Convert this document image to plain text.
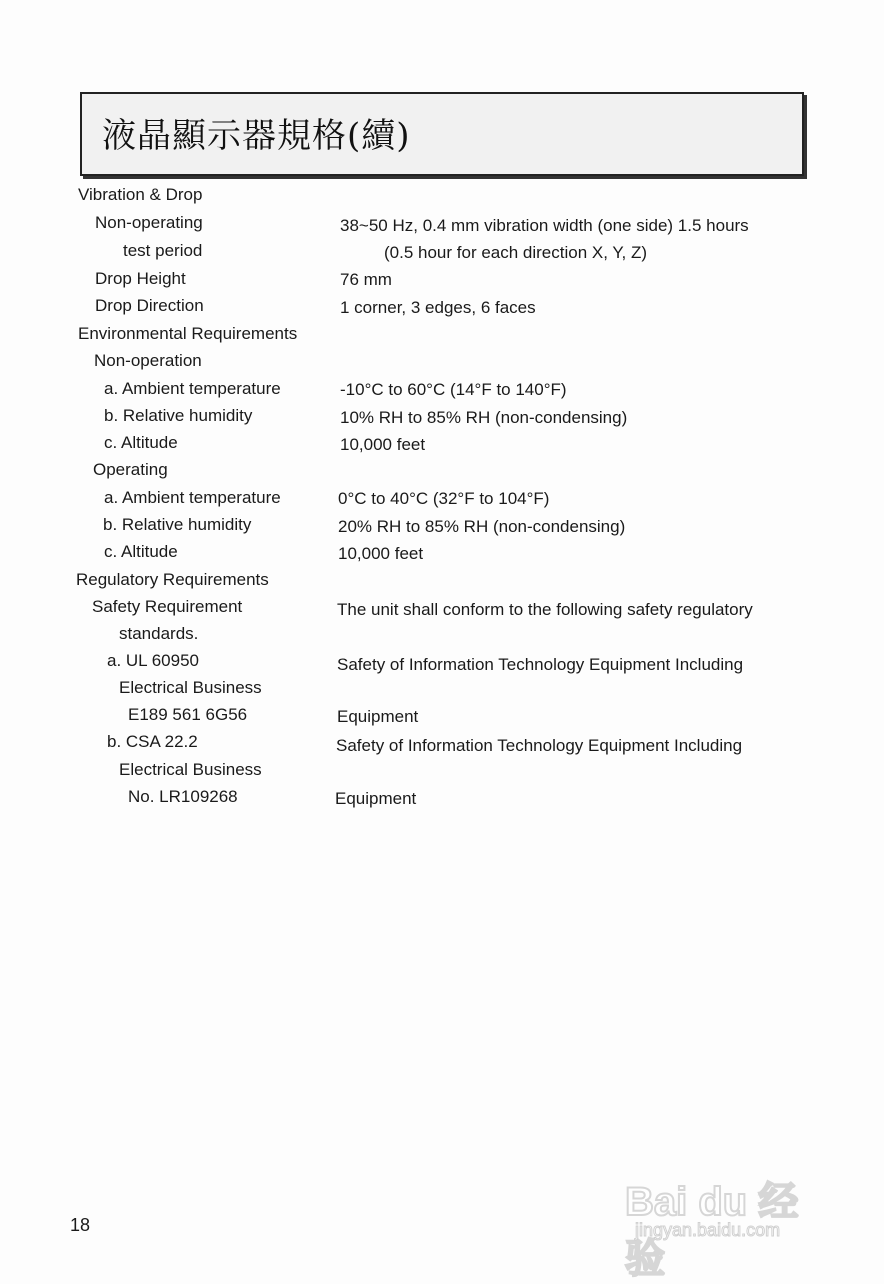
液晶顯示器規格(續)
Vibration & Drop
Non-operating
test period
Drop Height
Drop Direction
Environmental Requirements
Non-operation
a. Ambient temperature
b. Relative humidity
c. Altitude
Operating
a. Ambient temperature
b. Relative humidity
c. Altitude
Regulatory Requirements
Safety Requirement
standards.
a. UL 60950
Electrical Business
E189 561 6G56
b. CSA 22.2
Electrical Business
No. LR109268
38~50 Hz, 0.4 mm vibration width (one side) 1.5 hours
(0.5 hour for each direction X, Y, Z)
76 mm
1 corner, 3 edges, 6 faces
-10°C to 60°C (14°F to 140°F)
10% RH to 85% RH (non-condensing)
10,000 feet
0°C to 40°C (32°F to 104°F)
20% RH to 85% RH (non-condensing)
10,000 feet
The unit shall conform to the following safety regulatory
Safety of Information Technology Equipment Including
Equipment
Safety of Information Technology Equipment Including
Equipment
18
Bai du 经验
jingyan.baidu.com
